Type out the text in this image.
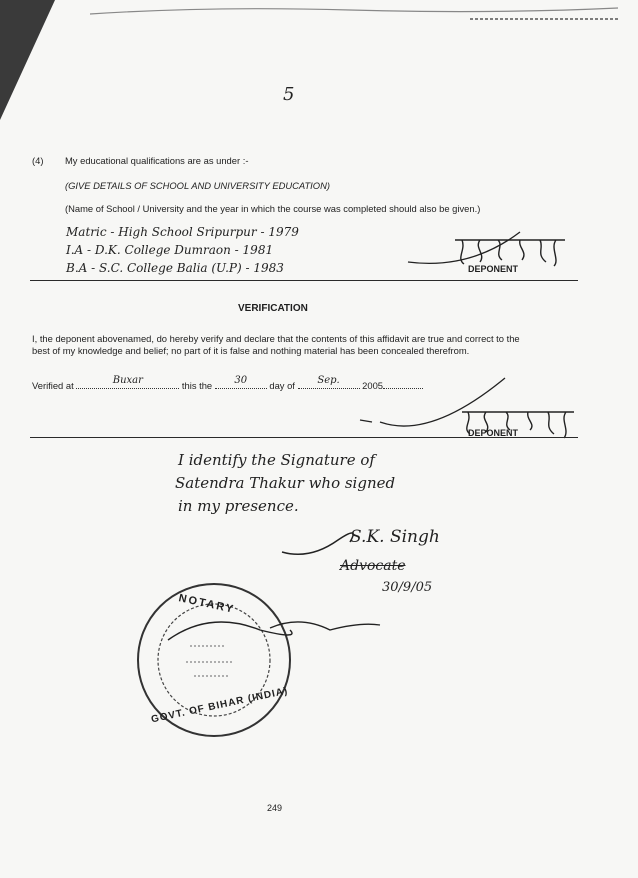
5
(4) My educational qualifications are as under :-
(GIVE DETAILS OF SCHOOL AND UNIVERSITY EDUCATION)
(Name of School / University and the year in which the course was completed should also be given.)
Matric - High School Sripurpur - 1979
I.A - D.K. College Dumraon - 1981
B.A - S.C. College Balia (U.P) - 1983	DEPONENT
VERIFICATION
I, the deponent abovenamed, do hereby verify and declare that the contents of this affidavit are true and correct to the best of my knowledge and belief; no part of it is false and nothing material has been concealed therefrom.
Verified at	Buxar	this the	30	day of	Sep.	2005
DEPONENT
I identify the Signature of
Satendra Thakur who signed
in my presence.
S.K. Singh
Advocate
30/9/05
NOTARY
GOVT. OF BIHAR (INDIA)
249
